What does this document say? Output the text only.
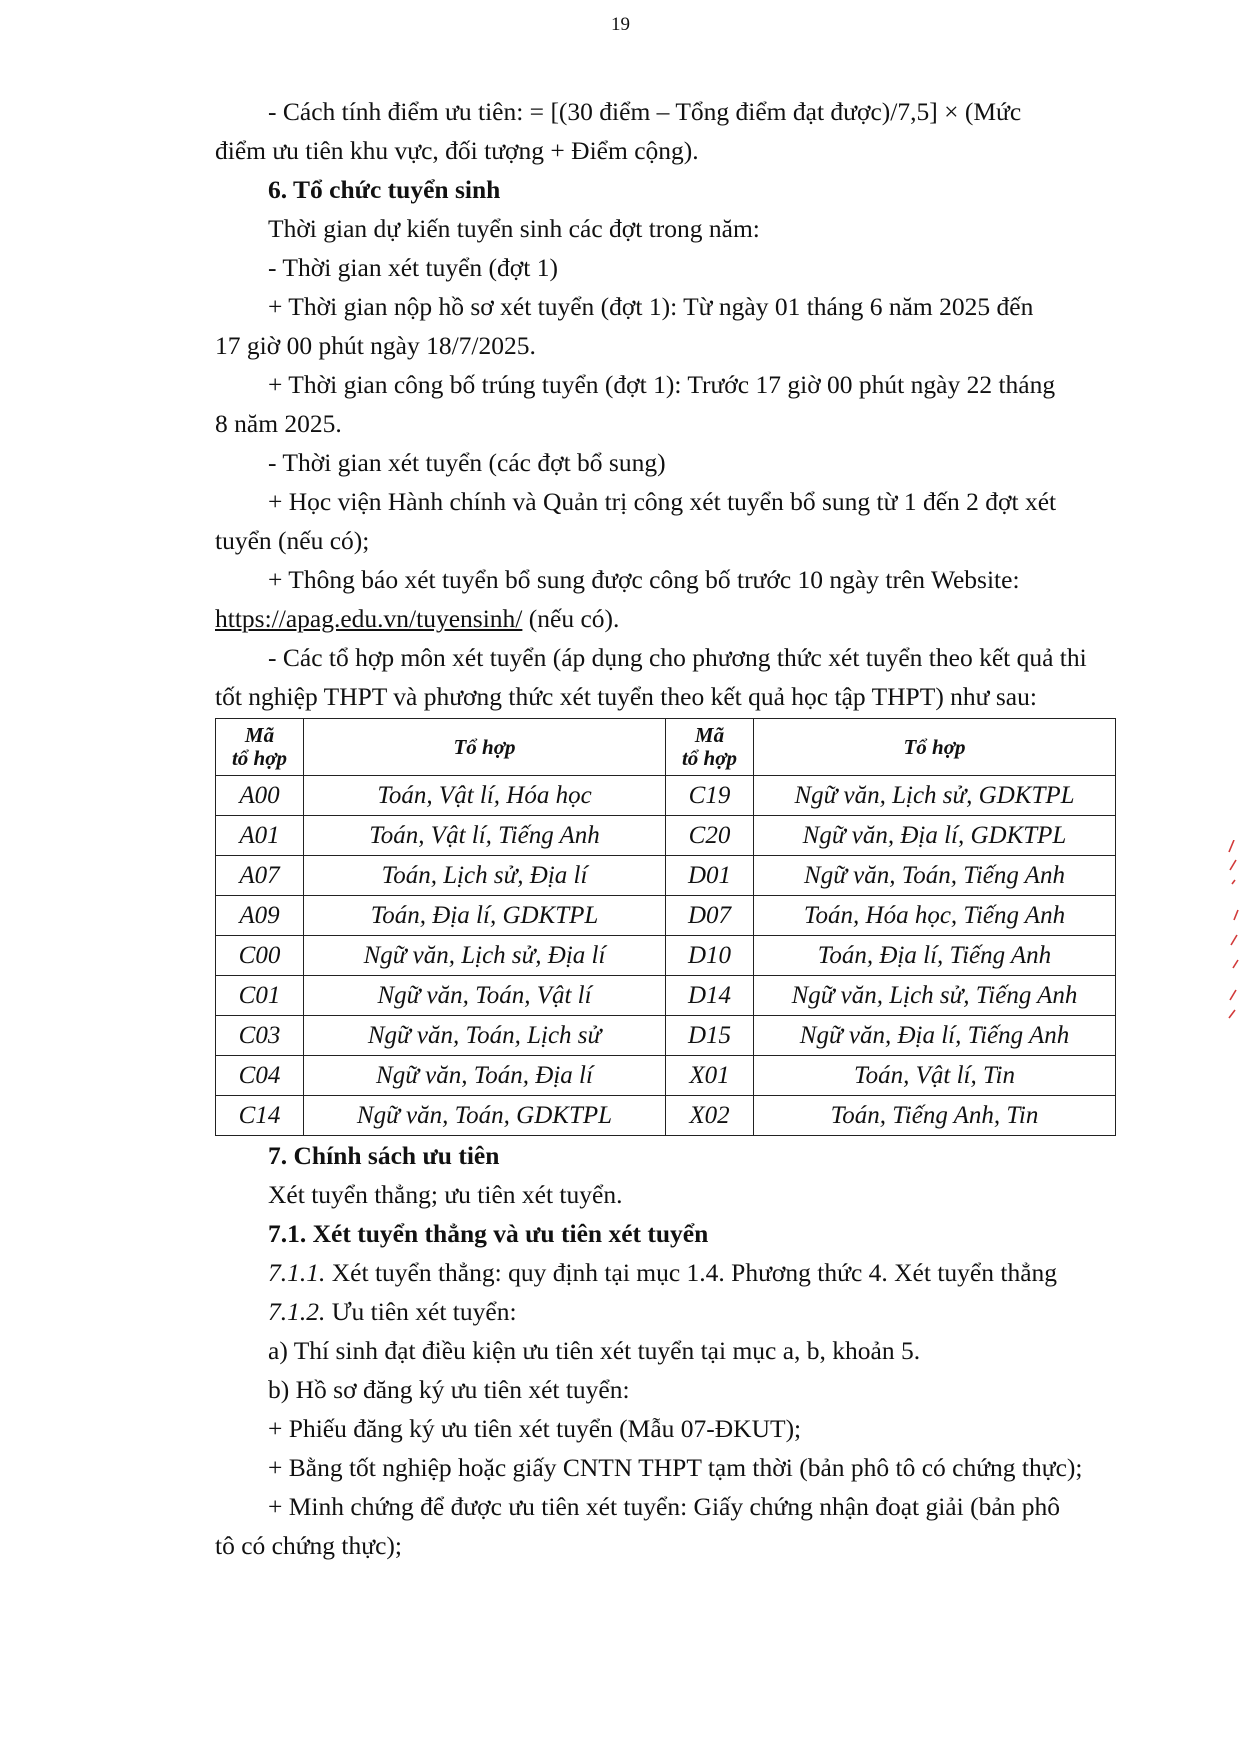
19

- Cách tính điểm ưu tiên: = [(30 điểm – Tổng điểm đạt được)/7,5] × (Mức

điểm ưu tiên khu vực, đối tượng + Điểm cộng).

6. Tổ chức tuyển sinh

Thời gian dự kiến tuyển sinh các đợt trong năm:

- Thời gian xét tuyển (đợt 1)

+ Thời gian nộp hồ sơ xét tuyển (đợt 1): Từ ngày 01 tháng 6 năm 2025 đến

17 giờ 00 phút ngày 18/7/2025.

+ Thời gian công bố trúng tuyển (đợt 1): Trước 17 giờ 00 phút ngày 22 tháng

8 năm 2025.

- Thời gian xét tuyển (các đợt bổ sung)

+ Học viện Hành chính và Quản trị công xét tuyển bổ sung từ 1 đến 2 đợt xét

tuyển (nếu có);

+ Thông báo xét tuyển bổ sung được công bố trước 10 ngày trên Website:

https://apag.edu.vn/tuyensinh/ (nếu có).

- Các tổ hợp môn xét tuyển (áp dụng cho phương thức xét tuyển theo kết quả thi

tốt nghiệp THPT và phương thức xét tuyển theo kết quả học tập THPT) như sau:

Mã
tổ hợp	Tổ hợp	Mã
tổ hợp	Tổ hợp
A00	Toán, Vật lí, Hóa học	C19	Ngữ văn, Lịch sử, GDKTPL
A01	Toán, Vật lí, Tiếng Anh	C20	Ngữ văn, Địa lí, GDKTPL
A07	Toán, Lịch sử, Địa lí	D01	Ngữ văn, Toán, Tiếng Anh
A09	Toán, Địa lí, GDKTPL	D07	Toán, Hóa học, Tiếng Anh
C00	Ngữ văn, Lịch sử, Địa lí	D10	Toán, Địa lí, Tiếng Anh
C01	Ngữ văn, Toán, Vật lí	D14	Ngữ văn, Lịch sử, Tiếng Anh
C03	Ngữ văn, Toán, Lịch sử	D15	Ngữ văn, Địa lí, Tiếng Anh
C04	Ngữ văn, Toán, Địa lí	X01	Toán, Vật lí, Tin
C14	Ngữ văn, Toán, GDKTPL	X02	Toán, Tiếng Anh, Tin

7. Chính sách ưu tiên

Xét tuyển thẳng; ưu tiên xét tuyển.

7.1. Xét tuyển thẳng và ưu tiên xét tuyển

7.1.1. Xét tuyển thẳng: quy định tại mục 1.4. Phương thức 4. Xét tuyển thẳng

7.1.2. Ưu tiên xét tuyển:

a) Thí sinh đạt điều kiện ưu tiên xét tuyển tại mục a, b, khoản 5.

b) Hồ sơ đăng ký ưu tiên xét tuyển:

+ Phiếu đăng ký ưu tiên xét tuyển (Mẫu 07-ĐKUT);

+ Bằng tốt nghiệp hoặc giấy CNTN THPT tạm thời (bản phô tô có chứng thực);

+ Minh chứng để được ưu tiên xét tuyển: Giấy chứng nhận đoạt giải (bản phô

tô có chứng thực);
